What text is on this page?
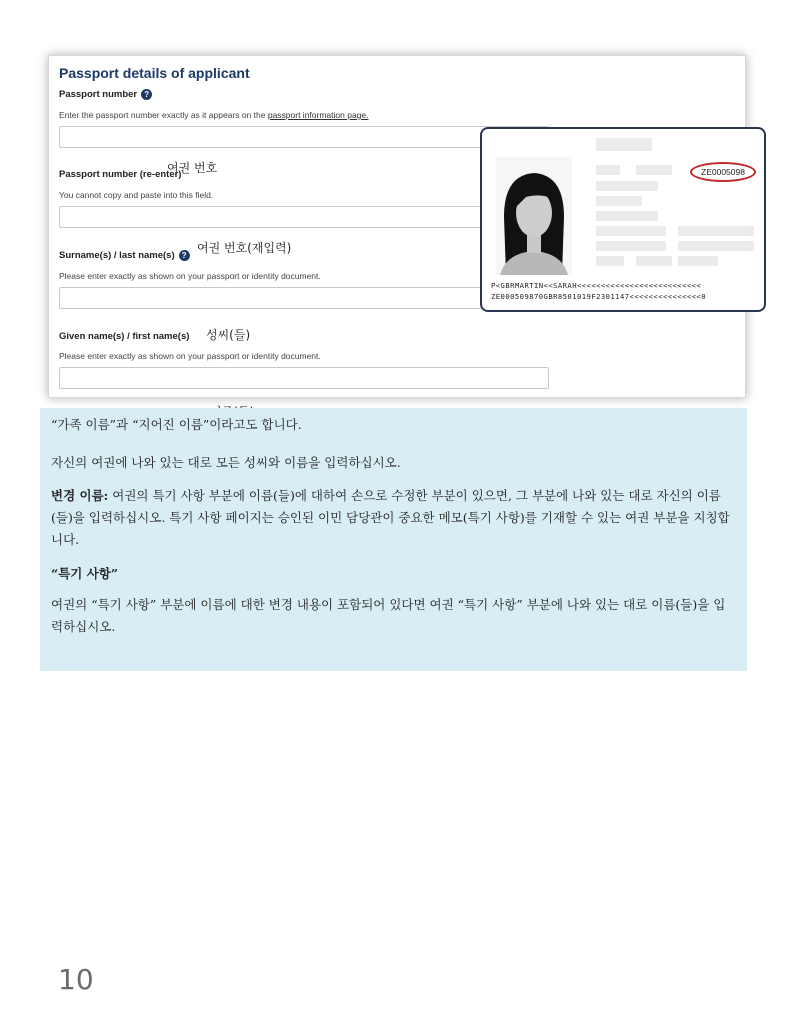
Passport details of applicant
Passport number ?
Enter the passport number exactly as it appears on the passport information page.
Passport number (re-enter)
You cannot copy and paste into this field.
Surname(s) / last name(s) ?
Please enter exactly as shown on your passport or identity document.
Given name(s) / first name(s)
Please enter exactly as shown on your passport or identity document.
여권 번호
여권 번호(재입력)
성씨(들)
ZE0005098
P<GBRMARTIN<<SARAH<<<<<<<<<<<<<<<<<<<<<<<<<<
ZE000509870GBR8501019F2301147<<<<<<<<<<<<<<<0

“가족 이름”과 “지어진 이름”이라고도 합니다.

자신의 여권에 나와 있는 대로 모든 성씨와 이름을 입력하십시오.

변경 이름: 여권의 특기 사항 부분에 이름(들)에 대하여 손으로 수정한 부분이 있으면, 그 부분에 나와 있는 대로 자신의 이름(들)을 입력하십시오. 특기 사항 페이지는 승인된 이민 담당관이 중요한 메모(특기 사항)를 기재할 수 있는 여권 부분을 지칭합니다.

“특기 사항”

여권의 “특기 사항” 부분에 이름에 대한 변경 내용이 포함되어 있다면 여권 “특기 사항” 부분에 나와 있는 대로 이름(들)을 입력하십시오.

10
